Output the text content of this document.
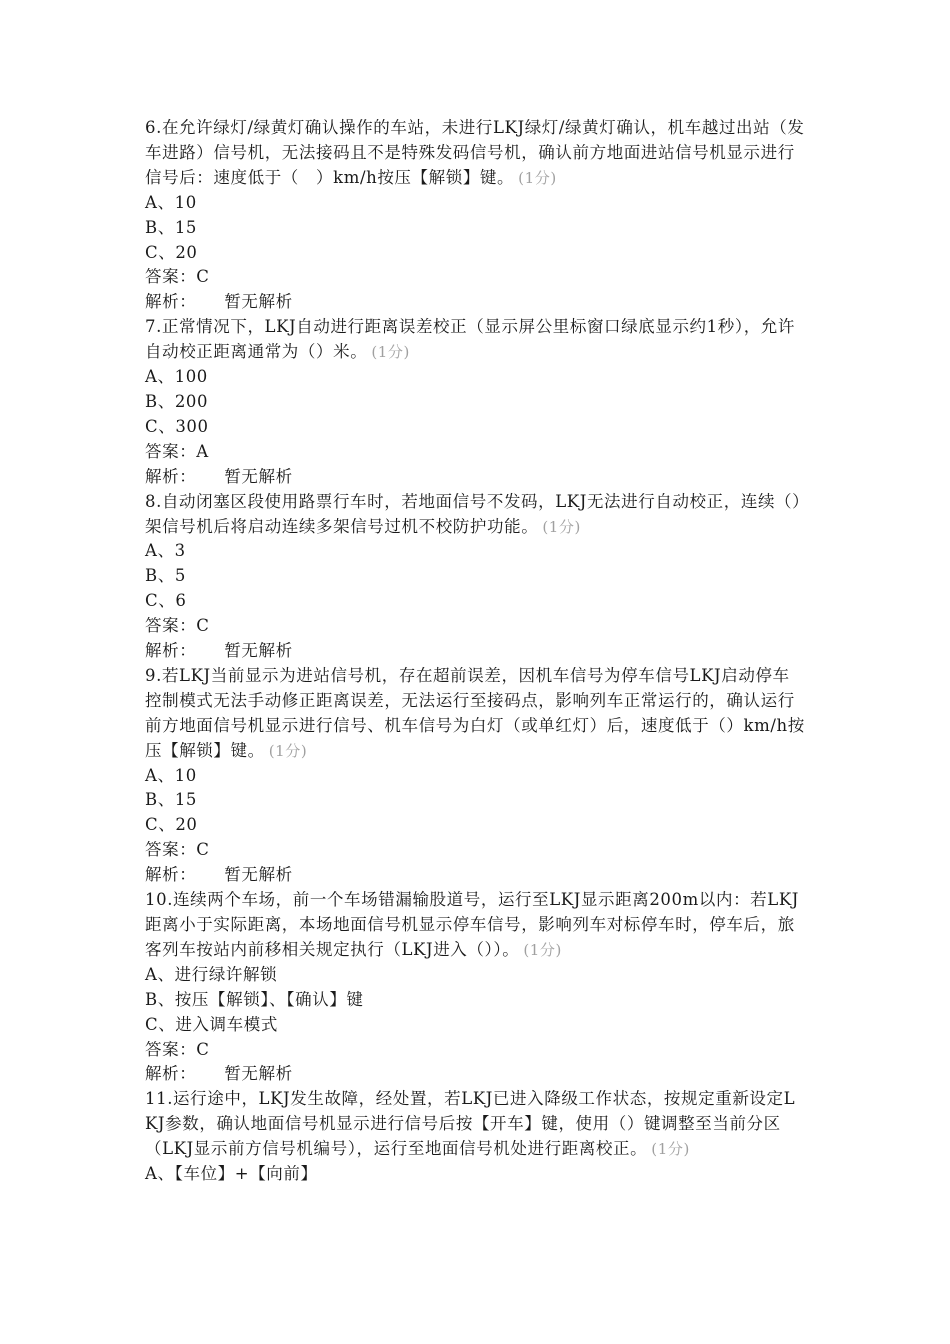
6.在允许绿灯/绿黄灯确认操作的车站，未进行LKJ绿灯/绿黄灯确认，机车越过出站（发车进路）信号机，无法接码且不是特殊发码信号机，确认前方地面进站信号机显示进行信号后：速度低于（　）km/h按压【解锁】键。 (1分)
A、10
B、15
C、20
答案：C
解析： 暂无解析
7.正常情况下，LKJ自动进行距离误差校正（显示屏公里标窗口绿底显示约1秒），允许自动校正距离通常为（）米。 (1分)
A、100
B、200
C、300
答案：A
解析： 暂无解析
8.自动闭塞区段使用路票行车时，若地面信号不发码，LKJ无法进行自动校正，连续（）架信号机后将启动连续多架信号过机不校防护功能。 (1分)
A、3
B、5
C、6
答案：C
解析： 暂无解析
9.若LKJ当前显示为进站信号机，存在超前误差，因机车信号为停车信号LKJ启动停车控制模式无法手动修正距离误差，无法运行至接码点，影响列车正常运行的，确认运行前方地面信号机显示进行信号、机车信号为白灯（或单红灯）后，速度低于（）km/h按压【解锁】键。 (1分)
A、10
B、15
C、20
答案：C
解析： 暂无解析
10.连续两个车场，前一个车场错漏输股道号，运行至LKJ显示距离200m以内：若LKJ距离小于实际距离，本场地面信号机显示停车信号，影响列车对标停车时，停车后，旅客列车按站内前移相关规定执行（LKJ进入（））。 (1分)
A、进行绿许解锁
B、按压【解锁】、【确认】键
C、进入调车模式
答案：C
解析： 暂无解析
11.运行途中，LKJ发生故障，经处置，若LKJ已进入降级工作状态，按规定重新设定LKJ参数，确认地面信号机显示进行信号后按【开车】键，使用（）键调整至当前分区（LKJ显示前方信号机编号），运行至地面信号机处进行距离校正。 (1分)
A、【车位】+【向前】
